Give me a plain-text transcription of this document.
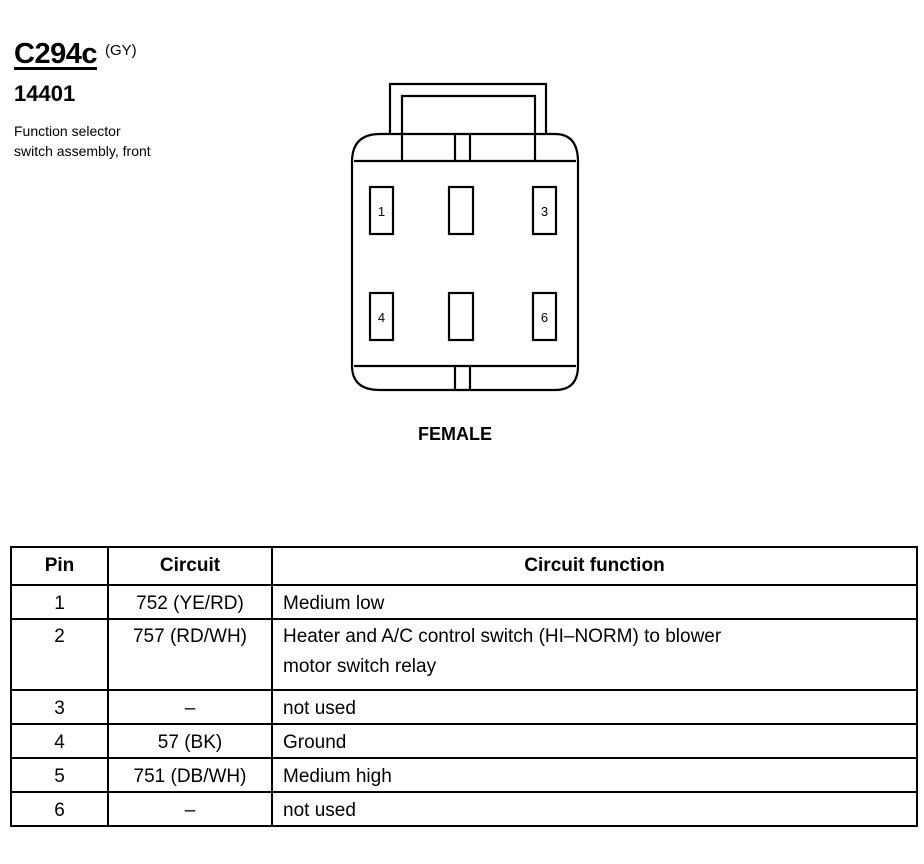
C294c (GY)
14401
Function selector
switch assembly, front
1	3
4	6
FEMALE
Pin	Circuit	Circuit function
1	752 (YE/RD)	Medium low
2	757 (RD/WH)	Heater and A/C control switch (HI–NORM) to blower
motor switch relay

3	–	not used
4	57 (BK)	Ground
5	751 (DB/WH)	Medium high
6	–	not used
